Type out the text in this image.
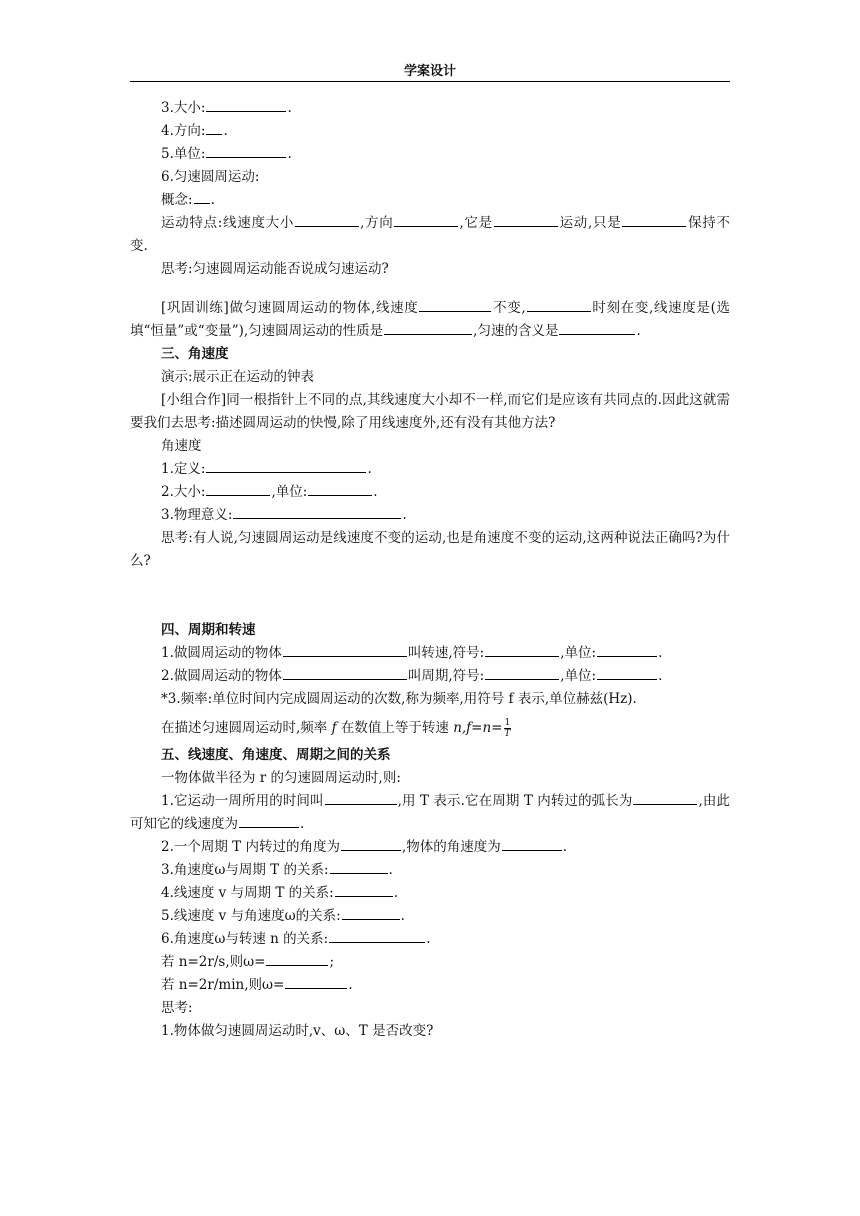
学案设计
3.大小:	.
4.方向: .
5.单位:	.
6.匀速圆周运动:
概念: .
运动特点:线速度大小	,方向	,它是	运动,只是	保持不变.
思考:匀速圆周运动能否说成匀速运动?
[巩固训练]做匀速圆周运动的物体,线速度	不变,	时刻在变,线速度是(选填“恒量”或“变量”),匀速圆周运动的性质是	,匀速的含义是	.
三、角速度
演示:展示正在运动的钟表
[小组合作]同一根指针上不同的点,其线速度大小却不一样,而它们是应该有共同点的.因此这就需要我们去思考:描述圆周运动的快慢,除了用线速度外,还有没有其他方法?
角速度
1.定义:	.
2.大小:	,单位:	.
3.物理意义:	.
思考:有人说,匀速圆周运动是线速度不变的运动,也是角速度不变的运动,这两种说法正确吗?为什么?
四、周期和转速
1.做圆周运动的物体	叫转速,符号:	,单位:	.
2.做圆周运动的物体	叫周期,符号:	,单位:	.
*3.频率:单位时间内完成圆周运动的次数,称为频率,用符号 f 表示,单位赫兹(Hz).
在描述匀速圆周运动时,频率 f 在数值上等于转速 $n,f=n= \frac{1}{T}$
五、线速度、角速度、周期之间的关系
一物体做半径为 r 的匀速圆周运动时,则:
1.它运动一周所用的时间叫	,用 T 表示.它在周期 T 内转过的弧长为	,由此可知它的线速度为	.
2.一个周期 T 内转过的角度为	,物体的角速度为	.
3.角速度ω与周期 T 的关系:	.
4.线速度 v 与周期 T 的关系:	.
5.线速度 v 与角速度ω的关系:	.
6.角速度ω与转速 n 的关系:	.
若 n=2r/s,则ω=	;
若 n=2r/min,则ω=	.
思考:
1.物体做匀速圆周运动时,v、ω、T 是否改变?
